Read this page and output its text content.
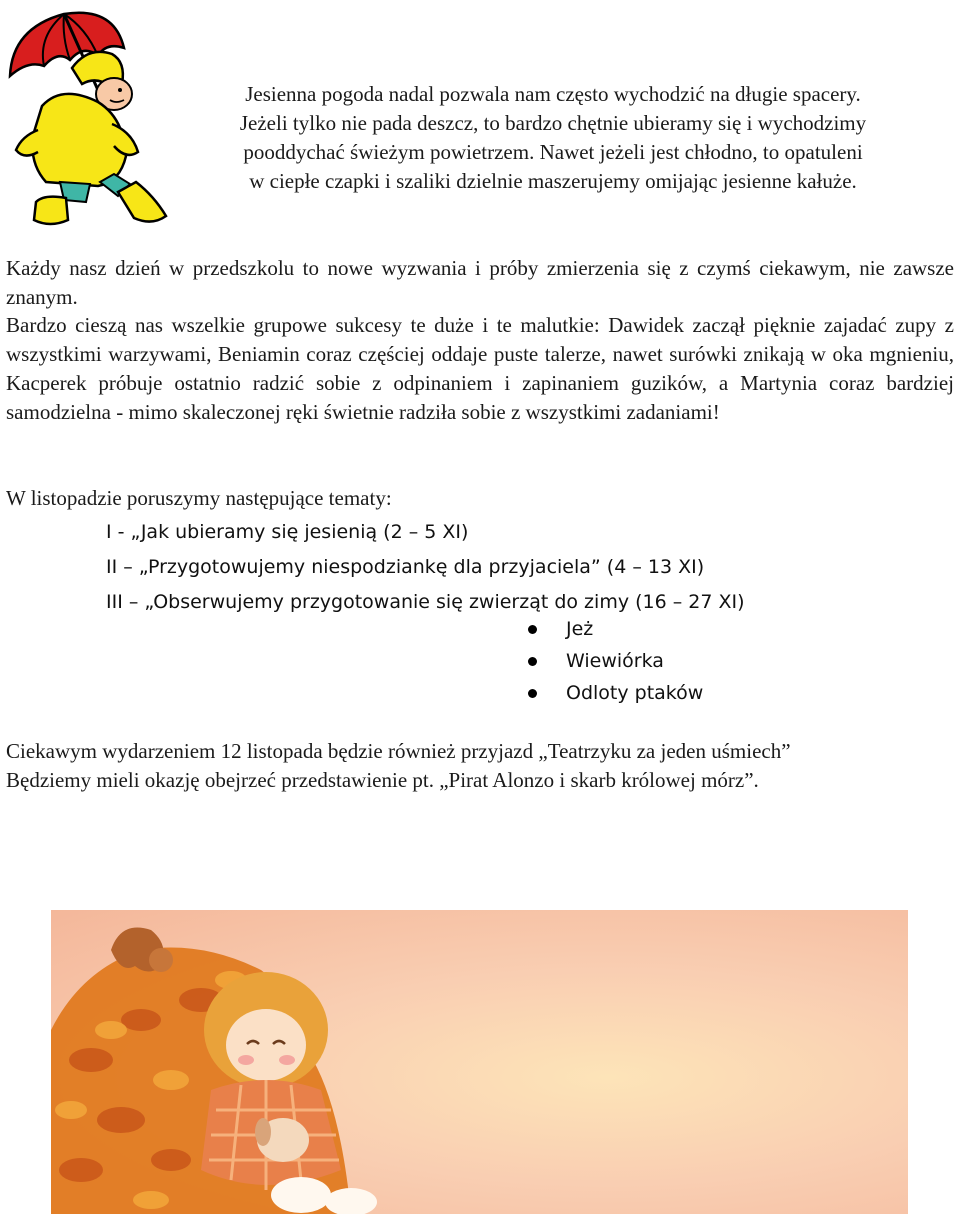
Jesienna pogoda nadal pozwala nam często wychodzić na długie spacery.

Jeżeli tylko nie pada deszcz, to bardzo chętnie ubieramy się i wychodzimy

pooddychać świeżym powietrzem. Nawet jeżeli jest chłodno, to opatuleni

w ciepłe czapki i szaliki dzielnie maszerujemy omijając jesienne kałuże.

Każdy nasz dzień w przedszkolu to nowe wyzwania i próby zmierzenia się z czymś ciekawym, nie zawsze znanym.

Bardzo cieszą nas wszelkie grupowe sukcesy te duże i te malutkie: Dawidek zaczął pięknie zajadać zupy z wszystkimi warzywami, Beniamin coraz częściej oddaje puste talerze, nawet surówki znikają w oka mgnieniu, Kacperek próbuje ostatnio radzić sobie z odpinaniem i zapinaniem guzików, a Martynia coraz bardziej samodzielna - mimo skaleczonej ręki świetnie radziła sobie z wszystkimi zadaniami!

W listopadzie poruszymy następujące tematy:

I - „Jak ubieramy się jesienią (2 – 5 XI)
II – „Przygotowujemy niespodziankę dla przyjaciela” (4 – 13 XI)
III – „Obserwujemy przygotowanie się zwierząt do zimy (16 – 27 XI)
Jeż
Wiewiórka
Odloty ptaków
Ciekawym wydarzeniem 12 listopada będzie również przyjazd „Teatrzyku za jeden uśmiech”
Będziemy mieli okazję obejrzeć przedstawienie pt. „Pirat Alonzo i skarb królowej mórz”.
